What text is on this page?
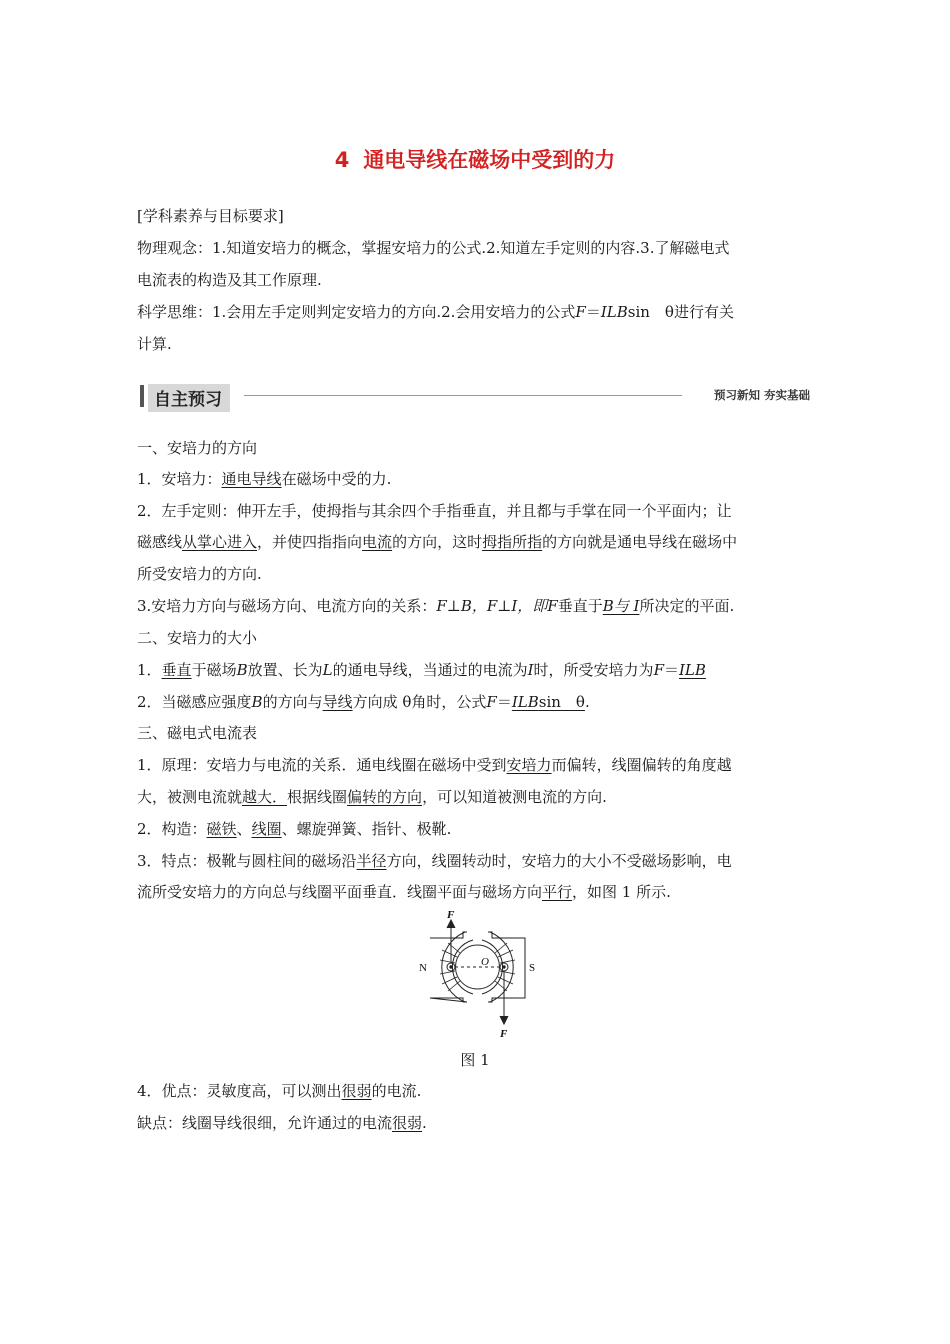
4 通电导线在磁场中受到的力
[学科素养与目标要求]
物理观念：1.知道安培力的概念，掌握安培力的公式.2.知道左手定则的内容.3.了解磁电式
电流表的构造及其工作原理.
科学思维：1.会用左手定则判定安培力的方向.2.会用安培力的公式F＝ILBsin　θ进行有关
计算.
自主预习	预习新知 夯实基础
一、安培力的方向
1．安培力：通电导线在磁场中受的力.
2．左手定则：伸开左手，使拇指与其余四个手指垂直，并且都与手掌在同一个平面内；让
磁感线从掌心进入，并使四指指向电流的方向，这时拇指所指的方向就是通电导线在磁场中
所受安培力的方向.
3.安培力方向与磁场方向、电流方向的关系：F⊥B，F⊥I，即F垂直于B与 I所决定的平面.
二、安培力的大小
1．垂直于磁场B放置、长为L的通电导线，当通过的电流为I时，所受安培力为F＝ILB
2．当磁感应强度B的方向与导线方向成 θ角时，公式F＝ILBsin　θ.
三、磁电式电流表
1．原理：安培力与电流的关系．通电线圈在磁场中受到安培力而偏转，线圈偏转的角度越
大，被测电流就越大．根据线圈偏转的方向，可以知道被测电流的方向.
2．构造：磁铁、线圈、螺旋弹簧、指针、极靴.
3．特点：极靴与圆柱间的磁场沿半径方向，线圈转动时，安培力的大小不受磁场影响，电
流所受安培力的方向总与线圈平面垂直．线圈平面与磁场方向平行，如图 1 所示.
N	S
O
F
F
图 1
4．优点：灵敏度高，可以测出很弱的电流.
缺点：线圈导线很细，允许通过的电流很弱.
